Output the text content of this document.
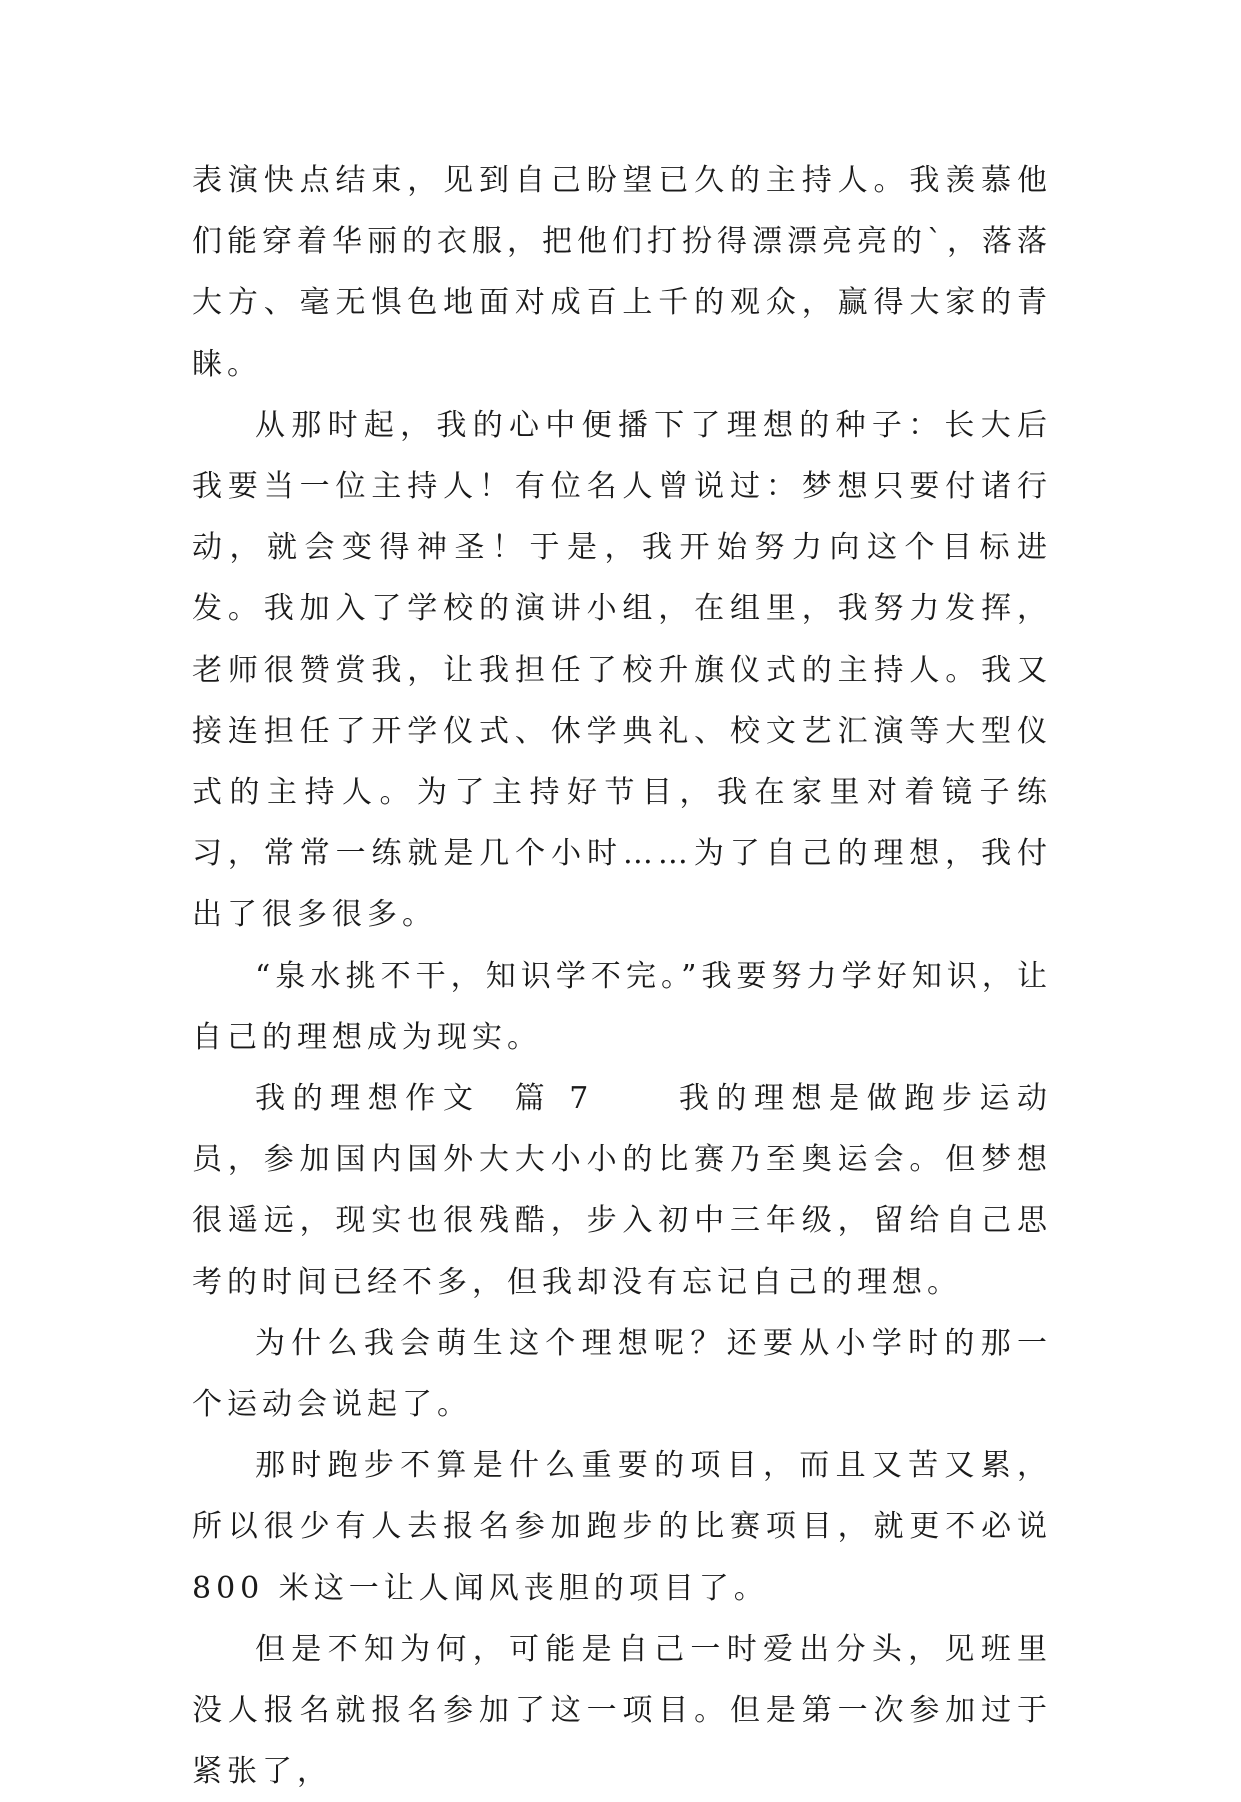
表演快点结束，见到自己盼望已久的主持人。我羡慕他们能穿着华丽的衣服，把他们打扮得漂漂亮亮的`，落落大方、毫无惧色地面对成百上千的观众，赢得大家的青睐。

从那时起，我的心中便播下了理想的种子：长大后我要当一位主持人！有位名人曾说过：梦想只要付诸行动，就会变得神圣！于是，我开始努力向这个目标进发。我加入了学校的演讲小组，在组里，我努力发挥，老师很赞赏我，让我担任了校升旗仪式的主持人。我又接连担任了开学仪式、休学典礼、校文艺汇演等大型仪式的主持人。为了主持好节目，我在家里对着镜子练习，常常一练就是几个小时……为了自己的理想，我付出了很多很多。

“泉水挑不干，知识学不完。”我要努力学好知识，让自己的理想成为现实。

我的理想作文  篇 7	我的理想是做跑步运动员，参加国内国外大大小小的比赛乃至奥运会。但梦想很遥远，现实也很残酷，步入初中三年级，留给自己思考的时间已经不多，但我却没有忘记自己的理想。

为什么我会萌生这个理想呢？还要从小学时的那一个运动会说起了。

那时跑步不算是什么重要的项目，而且又苦又累，所以很少有人去报名参加跑步的比赛项目，就更不必说 800 米这一让人闻风丧胆的项目了。

但是不知为何，可能是自己一时爱出分头，见班里没人报名就报名参加了这一项目。但是第一次参加过于紧张了，
